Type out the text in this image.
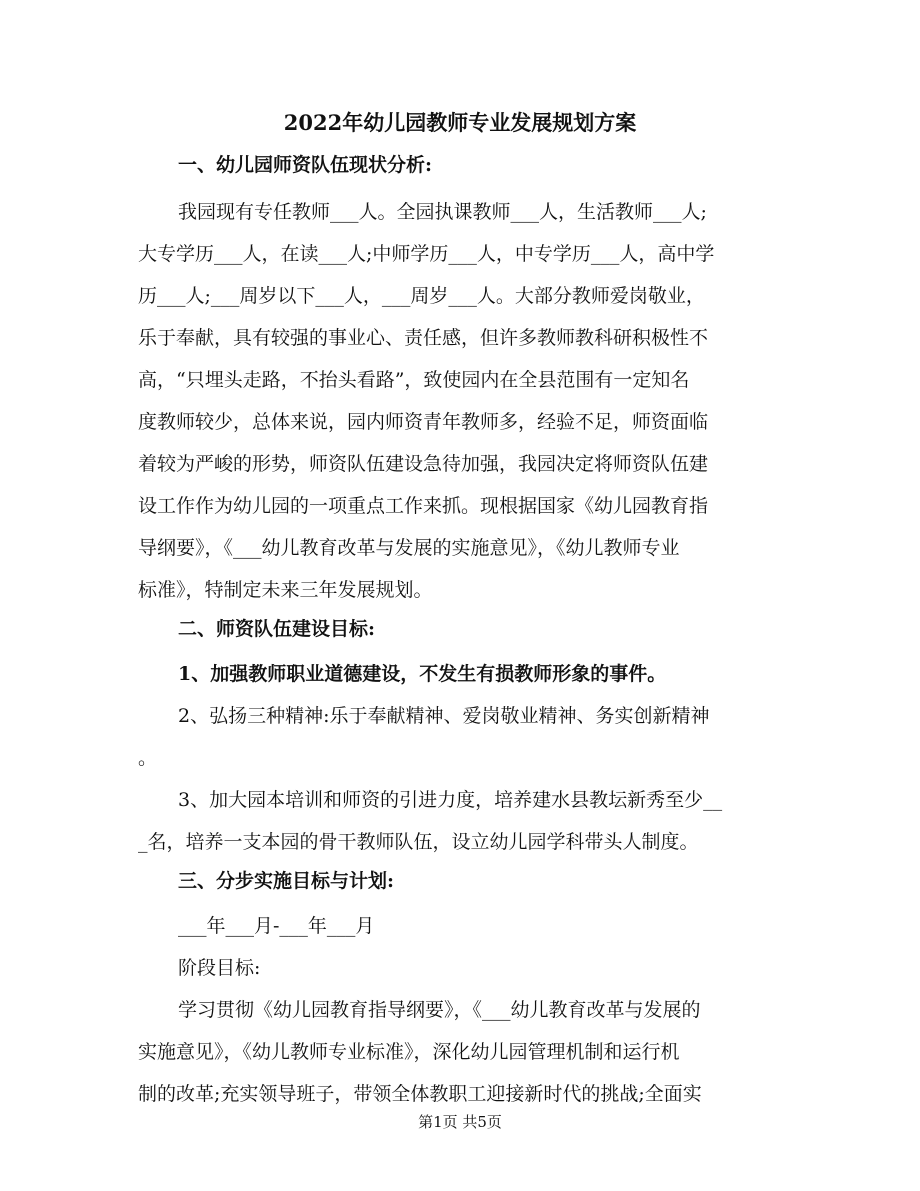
2022年幼儿园教师专业发展规划方案
一、幼儿园师资队伍现状分析:
我园现有专任教师___人。全园执课教师___人，生活教师___人;
大专学历___人，在读___人;中师学历___人，中专学历___人，高中学
历___人;___周岁以下___人，___周岁___人。大部分教师爱岗敬业，
乐于奉献，具有较强的事业心、责任感，但许多教师教科研积极性不
高，“只埋头走路，不抬头看路”，致使园内在全县范围有一定知名
度教师较少，总体来说，园内师资青年教师多，经验不足，师资面临
着较为严峻的形势，师资队伍建设急待加强，我园决定将师资队伍建
设工作作为幼儿园的一项重点工作来抓。现根据国家《幼儿园教育指
导纲要》，《___幼儿教育改革与发展的实施意见》，《幼儿教师专业
标准》，特制定未来三年发展规划。
二、师资队伍建设目标:
1、加强教师职业道德建设，不发生有损教师形象的事件。
2、弘扬三种精神:乐于奉献精神、爱岗敬业精神、务实创新精神
。
3、加大园本培训和师资的引进力度，培养建水县教坛新秀至少__
_名，培养一支本园的骨干教师队伍，设立幼儿园学科带头人制度。
三、分步实施目标与计划:
___年___月-___年___月
阶段目标:
学习贯彻《幼儿园教育指导纲要》，《___幼儿教育改革与发展的
实施意见》，《幼儿教师专业标准》，深化幼儿园管理机制和运行机
制的改革;充实领导班子，带领全体教职工迎接新时代的挑战;全面实
第1页 共5页
